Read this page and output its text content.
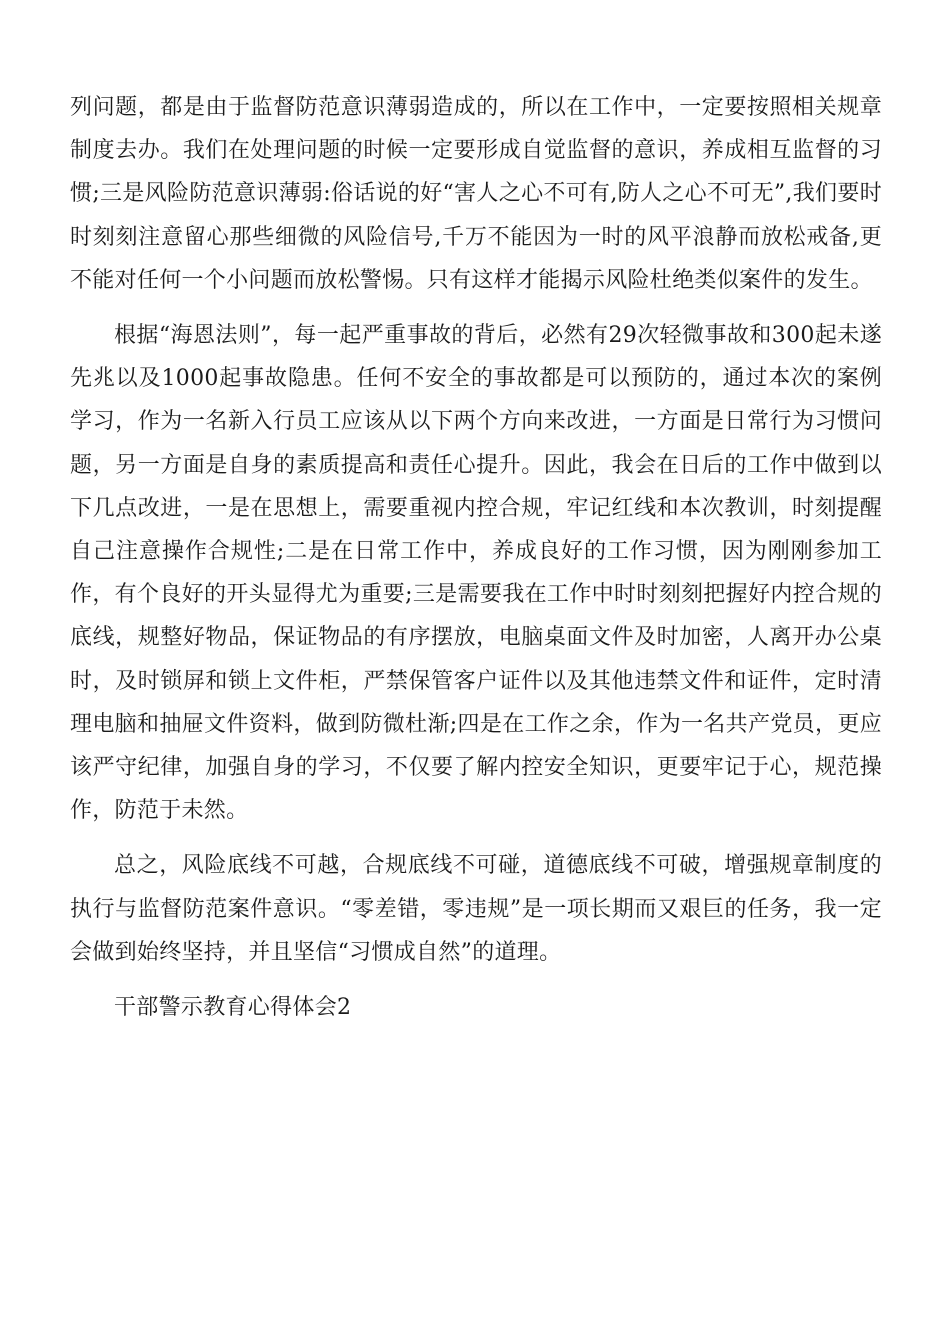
列问题，都是由于监督防范意识薄弱造成的，所以在工作中，一定要按照相关规章制度去办。我们在处理问题的时候一定要形成自觉监督的意识，养成相互监督的习惯;三是风险防范意识薄弱:俗话说的好“害人之心不可有,防人之心不可无”,我们要时时刻刻注意留心那些细微的风险信号,千万不能因为一时的风平浪静而放松戒备,更不能对任何一个小问题而放松警惕。只有这样才能揭示风险杜绝类似案件的发生。

根据“海恩法则”，每一起严重事故的背后，必然有29次轻微事故和300起未遂先兆以及1000起事故隐患。任何不安全的事故都是可以预防的，通过本次的案例学习，作为一名新入行员工应该从以下两个方向来改进，一方面是日常行为习惯问题，另一方面是自身的素质提高和责任心提升。因此，我会在日后的工作中做到以下几点改进，一是在思想上，需要重视内控合规，牢记红线和本次教训，时刻提醒自己注意操作合规性;二是在日常工作中，养成良好的工作习惯，因为刚刚参加工作，有个良好的开头显得尤为重要;三是需要我在工作中时时刻刻把握好内控合规的底线，规整好物品，保证物品的有序摆放，电脑桌面文件及时加密，人离开办公桌时，及时锁屏和锁上文件柜，严禁保管客户证件以及其他违禁文件和证件，定时清理电脑和抽屉文件资料，做到防微杜渐;四是在工作之余，作为一名共产党员，更应该严守纪律，加强自身的学习，不仅要了解内控安全知识，更要牢记于心，规范操作，防范于未然。

总之，风险底线不可越，合规底线不可碰，道德底线不可破，增强规章制度的执行与监督防范案件意识。“零差错，零违规”是一项长期而又艰巨的任务，我一定会做到始终坚持，并且坚信“习惯成自然”的道理。

干部警示教育心得体会2
